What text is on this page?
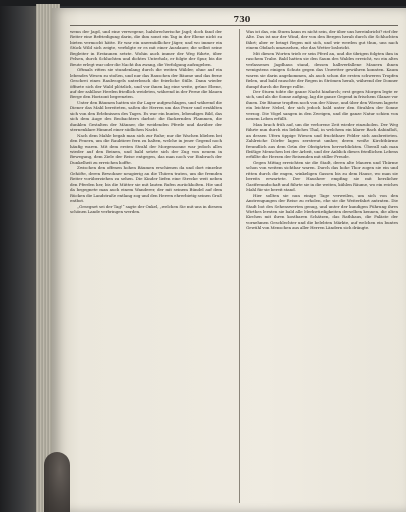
730

wenn der Jagd, und eine verwegene, halsbrecherische Jagd; doch fand der Reiter eine Befriedigung darin, die ihm sonst ein Tag in der Ebene nicht zu bieten vermocht hätte. Er war ein unermüdlicher Jäger, und wo immer ein Stück Wild sich zeigte, verfolgte er es mit einer Ausdauer, die selbst seine Begleiter in Erstaunen setzte. Wohin auch immer der Weg führte, über Felsen, durch Schluchten und dichtes Unterholz, er folgte der Spur, bis die Beute erlegt war oder die Nacht ihn zwang, die Verfolgung aufzugeben.

Oftmals ritten sie stundenlang durch die weiten Wälder, ohne auf ein lebendes Wesen zu stoßen, und nur das Rauschen der Bäume und das ferne Geschrei eines Raubvogels unterbrach die feierliche Stille. Dann wieder öffnete sich der Wald plötzlich, und vor ihnen lag eine weite, grüne Ebene, auf der zahllose Herden friedlich weideten, während in der Ferne die blauen Berge den Horizont begrenzten.

Unter den Bäumen hatten sie ihr Lager aufgeschlagen, und während die Diener das Mahl bereiteten, saßen die Herren um das Feuer und erzählten sich von den Erlebnissen des Tages. Es war ein buntes, lebendiges Bild, das sich dem Auge des Beobachters darbot: die flackernden Flammen, die dunklen Gestalten der Männer, die weidenden Pferde und darüber der sternenklare Himmel einer südlichen Nacht.

Nach dem Mahle begab man sich zur Ruhe; nur die Wachen blieben bei den Feuern, um die Raubtiere fern zu halten, welche in jener Gegend noch häufig waren. Mit dem ersten Strahl der Morgensonne war jedoch alles wieder auf den Beinen, und bald setzte sich der Zug von neuem in Bewegung, dem Ziele der Reise entgegen, das man noch vor Einbruch der Dunkelheit zu erreichen hoffte.

Zwischen den offenen hohen Bäumen erschienen da und dort einzelne Gehöfte, deren Bewohner neugierig an die Thüren traten, um die fremden Reiter vorüberziehen zu sehen. Die Kinder liefen eine Strecke weit neben den Pferden her, bis die Mütter sie mit lauten Rufen zurückholten. Hie und da begegnete man auch einem Wanderer, der mit seinem Bündel auf dem Rücken die Landstraße entlang zog und den Herren ehrerbietig seinen Gruß entbot.

„Gesegnet sei der Tag!“ sagte der Onkel, „welchen Sie mit uns in diesem schönen Lande verbringen werden.

Was ist das, ein Sturm kann es nicht sein, der über uns hereinbricht? rief der Alte. Das ist nur der Wind, der von den Bergen herab durch die Schluchten fährt; aber er bringt Regen mit sich, und wir werden gut thun, uns nach einem Obdach umzusehen, ehe das Wetter losbricht.

Mit diesen Worten trieb er sein Pferd an, und die übrigen folgten ihm in raschem Trabe. Bald hatten sie den Saum des Waldes erreicht, wo ein altes verlassenes Jagdhaus stand, dessen halbverfallene Mauern ihnen wenigstens einigen Schutz gegen das Unwetter gewähren konnten. Kaum waren sie darin angekommen, als auch schon die ersten schweren Tropfen fielen, und bald rauschte der Regen in Strömen herab, während der Donner dumpf durch die Berge rollte.

Der Sturm tobte die ganze Nacht hindurch; erst gegen Morgen legte er sich, und als die Sonne aufging, lag die ganze Gegend in frischem Glanze vor ihnen. Die Bäume tropften noch von der Nässe, und über den Wiesen lagerte ein leichter Nebel, der sich jedoch bald unter den Strahlen der Sonne verzog. Die Vögel sangen in den Zweigen, und die ganze Natur schien von neuem Leben erfüllt.

Man brach früh auf, um die verlorene Zeit wieder einzuholen. Der Weg führte nun durch ein liebliches Thal, in welchem ein klarer Bach dahinfloß, an dessen Ufern üppige Wiesen und fruchtbare Felder sich ausbreiteten. Zahlreiche Dörfer lagen zerstreut umher, deren weiße Kirchthürme freundlich aus dem Grün der Obstgärten hervorblickten. Überall sah man fleißige Menschen bei der Arbeit, und der Anblick dieses friedlichen Lebens erfüllte die Herzen der Reisenden mit stiller Freude.

Gegen Mittag erreichten sie die Stadt, deren alte Mauern und Thürme schon von weitem sichtbar waren. Durch das hohe Thor zogen sie ein und ritten durch die engen, winkeligen Gassen bis zu dem Hause, wo man sie bereits erwartete. Der Hausherr empfing sie mit herzlicher Gastfreundschaft und führte sie in die weiten, kühlen Räume, wo ein reiches Mahl für sie bereit stand.

Hier sollten sie nun einige Tage verweilen, um sich von den Anstrengungen der Reise zu erholen, ehe sie die Weiterfahrt antraten. Die Stadt bot des Sehenswerten genug, und unter der kundigen Führung ihres Wirthes lernten sie bald alle Merkwürdigkeiten derselben kennen, die alten Kirchen mit ihren kostbaren Schätzen, das Rathhaus, die Paläste der vornehmen Geschlechter und die belebten Märkte, auf welchen ein buntes Gewühl von Menschen aus aller Herren Ländern sich drängte.
